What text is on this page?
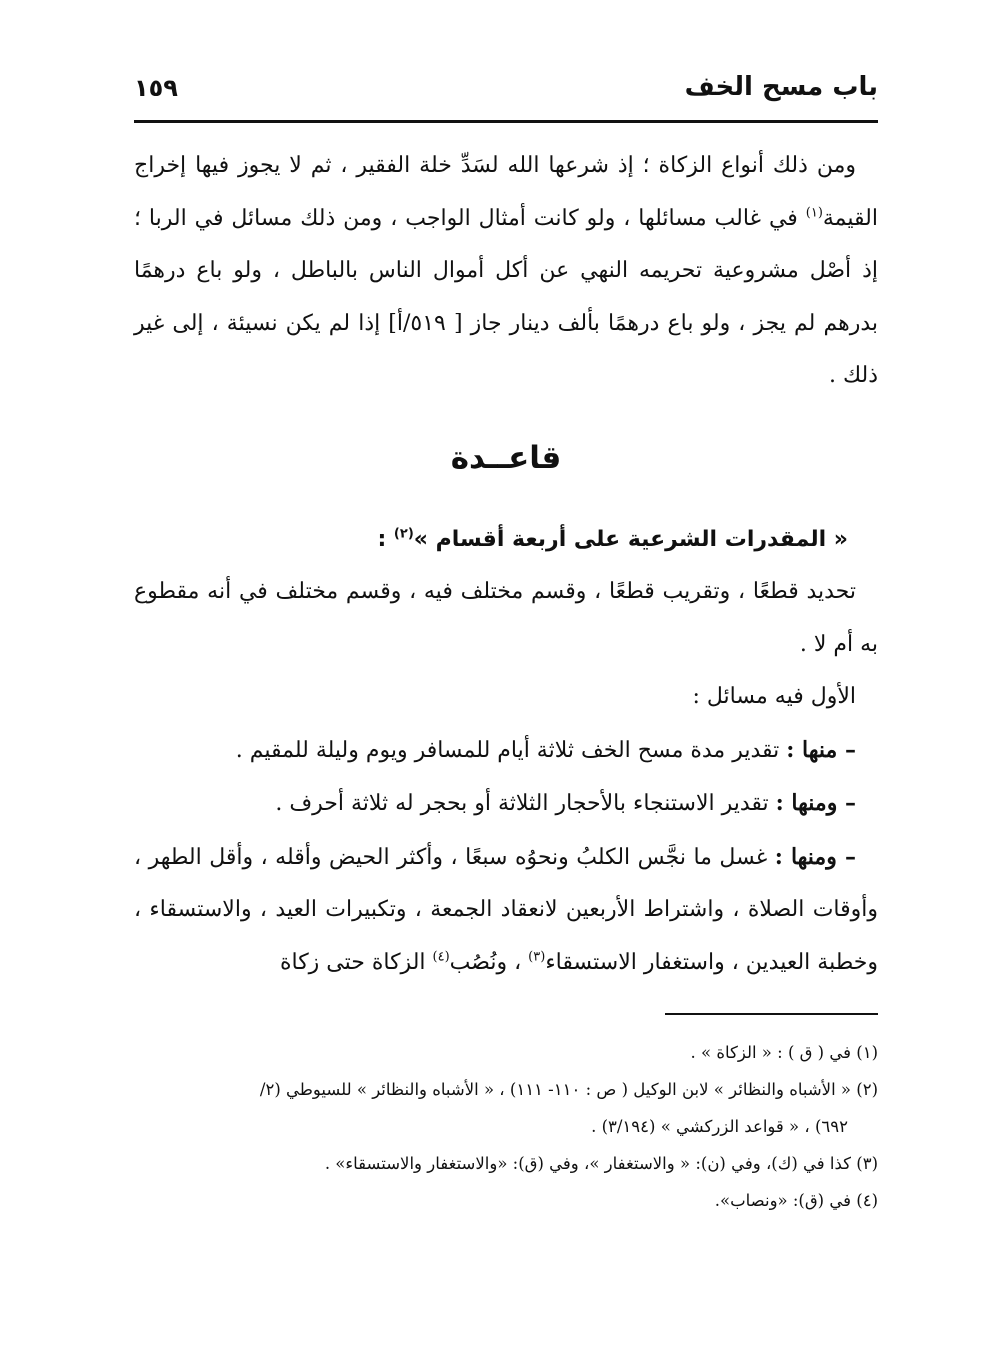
باب مسح الخف
١٥٩

ومن ذلك أنواع الزكاة ؛ إذ شرعها الله لسَدِّ خلة الفقير ، ثم لا يجوز فيها إخراج القيمة$^{(١)}$ في غالب مسائلها ، ولو كانت أمثال الواجب ، ومن ذلك مسائل في الربا ؛ إذ أصْل مشروعية تحريمه النهي عن أكل أموال الناس بالباطل ، ولو باع درهمًا بدرهم لم يجز ، ولو باع درهمًا بألف دينار جاز [ ٥١٩/أ] إذا لم يكن نسيئة ، إلى غير ذلك .

قاعــدة
« المقدرات الشرعية على أربعة أقسام »$^{(٢)}$ :

تحديد قطعًا ، وتقريب قطعًا ، وقسم مختلف فيه ، وقسم مختلف في أنه مقطوع به أم لا .

الأول فيه مسائل :

– منها : تقدير مدة مسح الخف ثلاثة أيام للمسافر ويوم وليلة للمقيم .

– ومنها : تقدير الاستنجاء بالأحجار الثلاثة أو بحجر له ثلاثة أحرف .

– ومنها : غسل ما نجَّس الكلبُ ونحوُه سبعًا ، وأكثر الحيض وأقله ، وأقل الطهر ، وأوقات الصلاة ، واشتراط الأربعين لانعقاد الجمعة ، وتكبيرات العيد ، والاستسقاء ، وخطبة العيدين ، واستغفار الاستسقاء$^{(٣)}$ ، ونُصُب$^{(٤)}$ الزكاة حتى زكاة

(١) في ( ق ) : « الزكاة » .

(٢) « الأشباه والنظائر » لابن الوكيل ( ص : ١١٠- ١١١) ، « الأشباه والنظائر » للسيوطي (٢/

٦٩٢) ، « قواعد الزركشي » (٣/١٩٤) .

(٣) كذا في (ك)، وفي (ن): « والاستغفار »، وفي (ق): «والاستغفار والاستسقاء» .

(٤) في (ق): «ونصاب».
